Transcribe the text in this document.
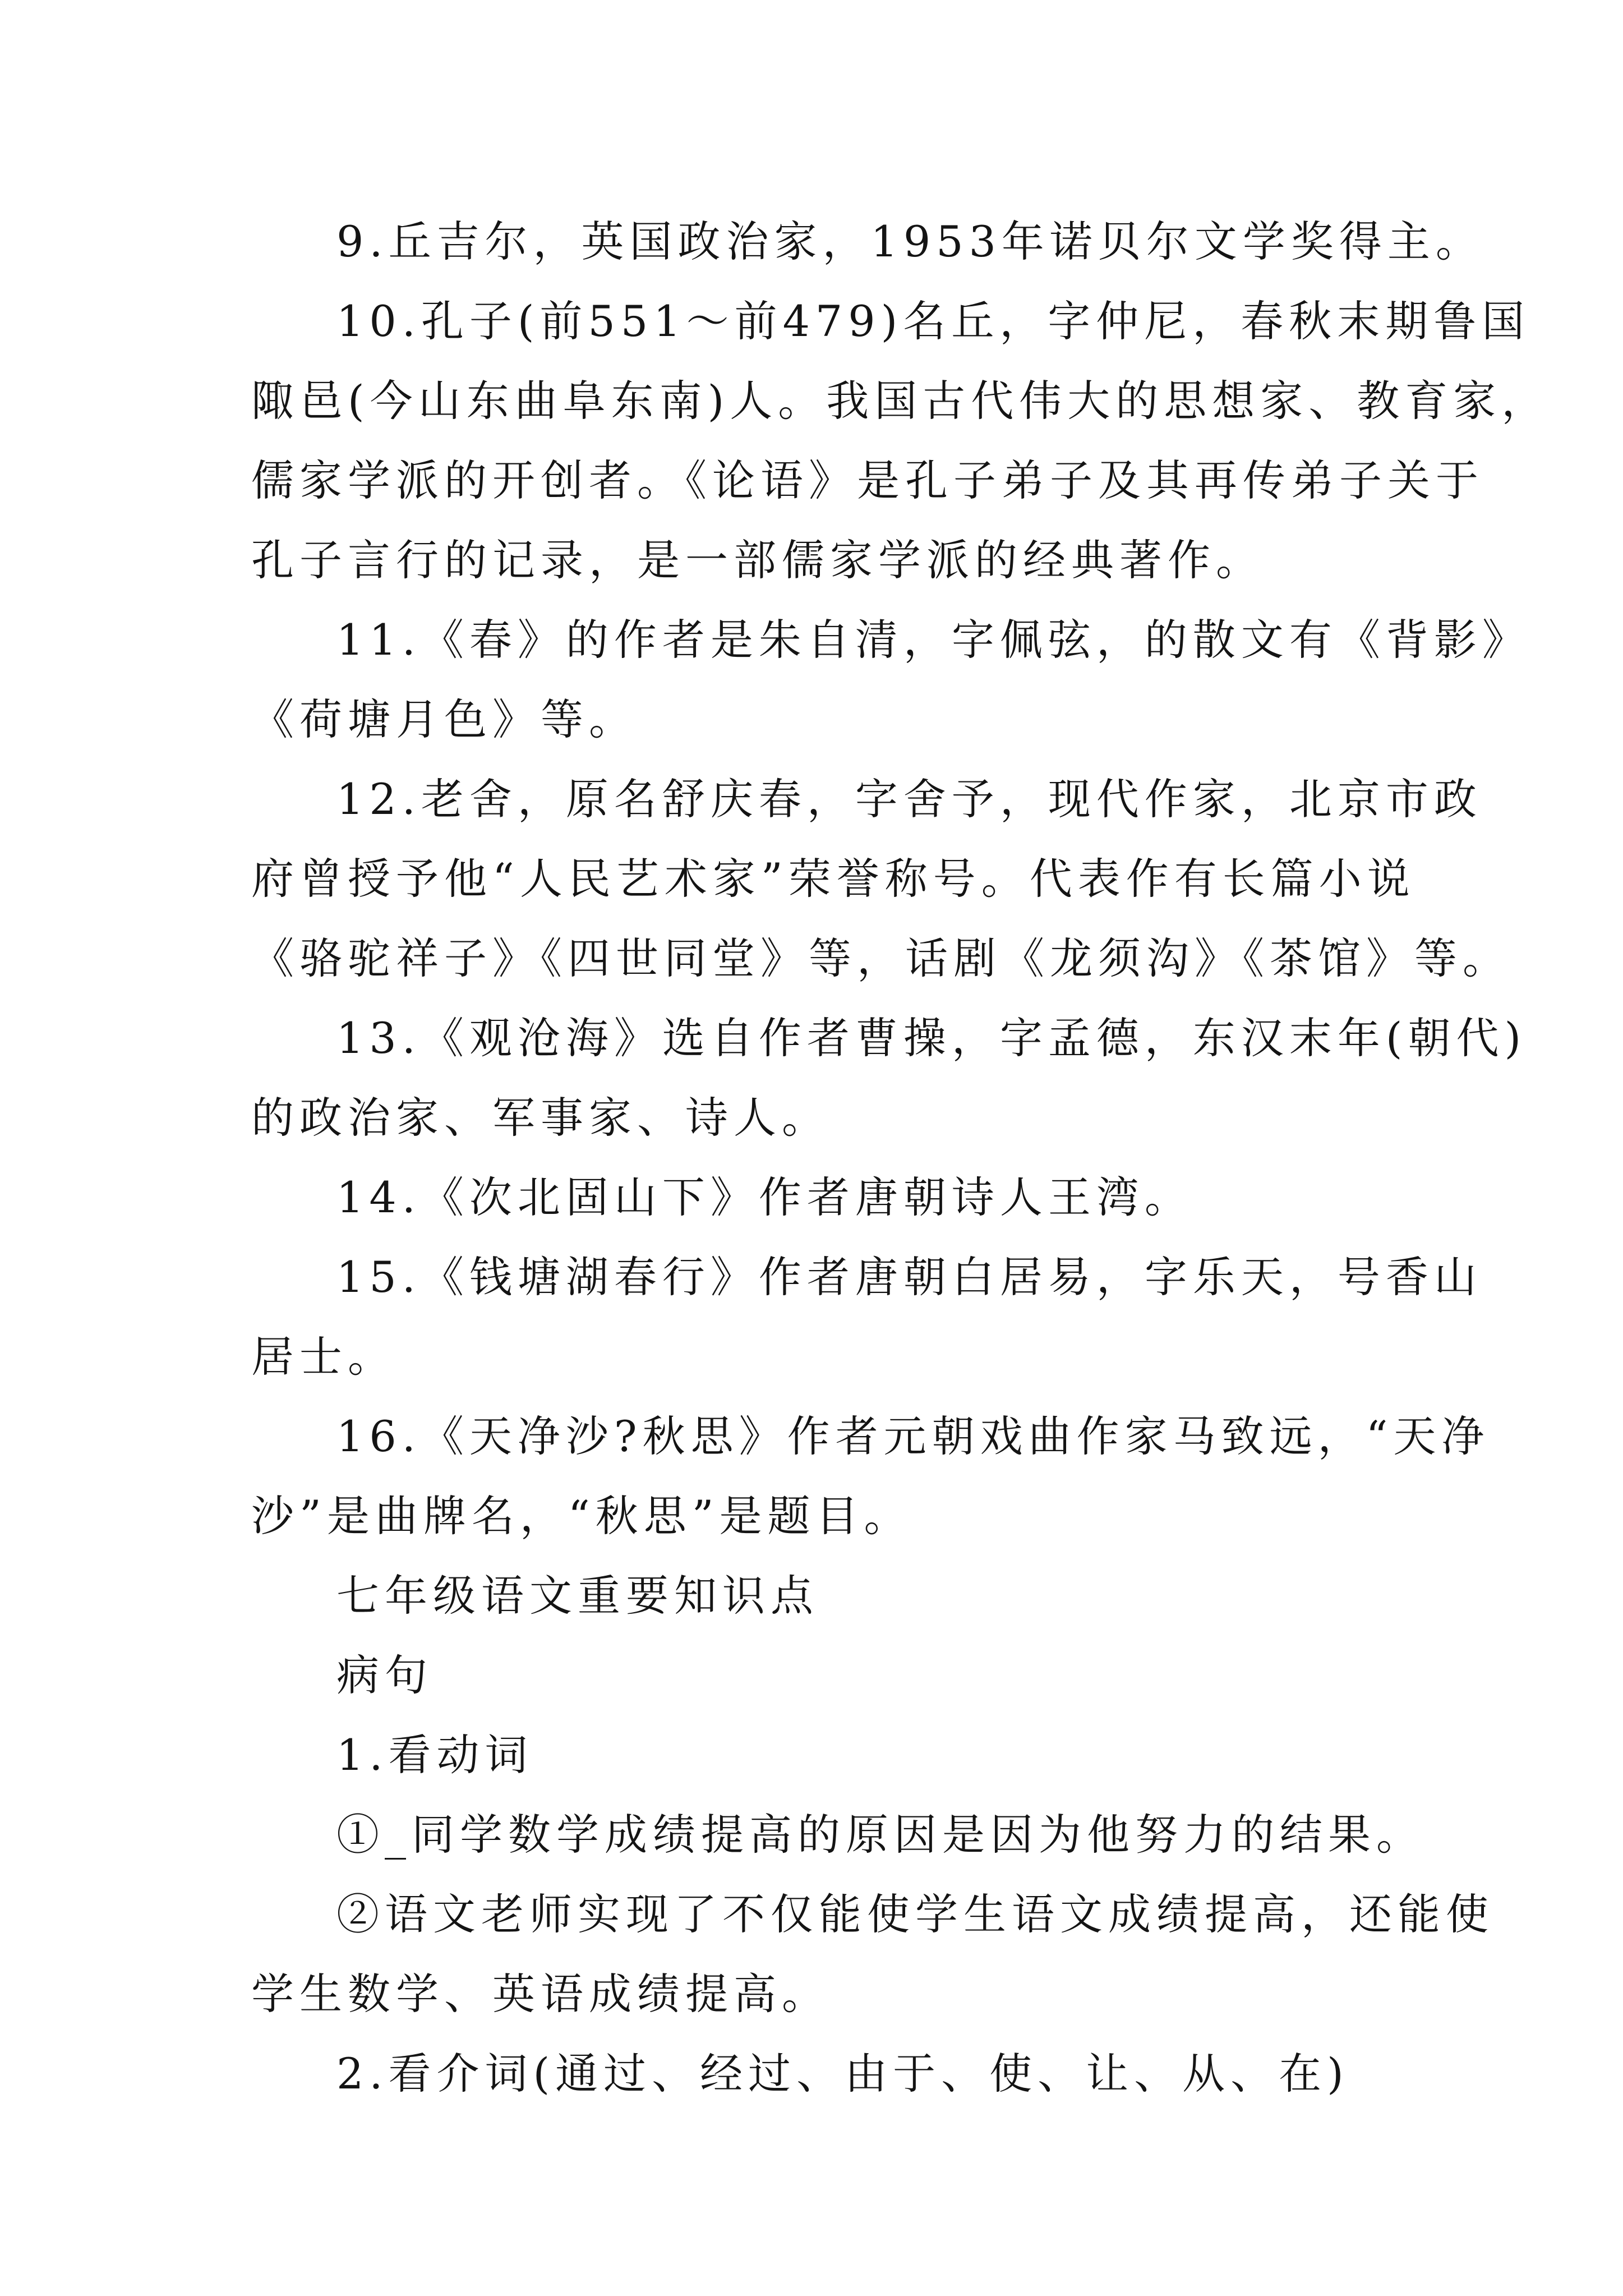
9.丘吉尔，英国政治家，1953年诺贝尔文学奖得主。

10.孔子(前551～前479)名丘，字仲尼，春秋末期鲁国
陬邑(今山东曲阜东南)人。我国古代伟大的思想家、教育家，
儒家学派的开创者。《论语》是孔子弟子及其再传弟子关于
孔子言行的记录，是一部儒家学派的经典著作。

11.《春》的作者是朱自清，字佩弦，的散文有《背影》
《荷塘月色》等。

12.老舍，原名舒庆春，字舍予，现代作家，北京市政
府曾授予他“人民艺术家”荣誉称号。代表作有长篇小说
《骆驼祥子》《四世同堂》等，话剧《龙须沟》《茶馆》等。

13.《观沧海》选自作者曹操，字孟德，东汉末年(朝代)
的政治家、军事家、诗人。

14.《次北固山下》作者唐朝诗人王湾。

15.《钱塘湖春行》作者唐朝白居易，字乐天，号香山
居士。

16.《天净沙?秋思》作者元朝戏曲作家马致远，“天净
沙”是曲牌名，“秋思”是题目。

七年级语文重要知识点

病句

1.看动词

①_同学数学成绩提高的原因是因为他努力的结果。

②语文老师实现了不仅能使学生语文成绩提高，还能使
学生数学、英语成绩提高。

2.看介词(通过、经过、由于、使、让、从、在)
